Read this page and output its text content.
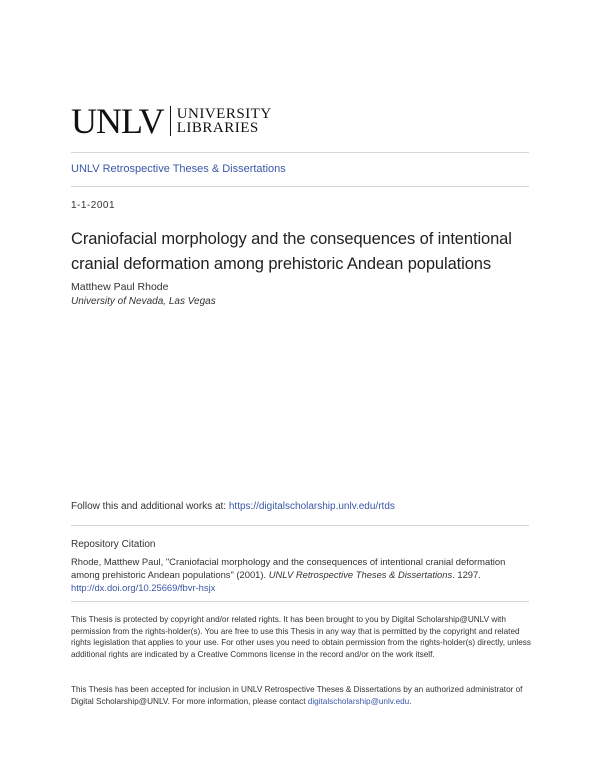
UNLV UNIVERSITY
LIBRARIES
UNLV Retrospective Theses & Dissertations
1-1-2001
Craniofacial morphology and the consequences of intentional cranial deformation among prehistoric Andean populations
Matthew Paul Rhode
University of Nevada, Las Vegas
Follow this and additional works at: https://digitalscholarship.unlv.edu/rtds
Repository Citation
Rhode, Matthew Paul, "Craniofacial morphology and the consequences of intentional cranial deformation among prehistoric Andean populations" (2001). UNLV Retrospective Theses & Dissertations. 1297.
http://dx.doi.org/10.25669/fbvr-hsjx
This Thesis is protected by copyright and/or related rights. It has been brought to you by Digital Scholarship@UNLV with permission from the rights-holder(s). You are free to use this Thesis in any way that is permitted by the copyright and related rights legislation that applies to your use. For other uses you need to obtain permission from the rights-holder(s) directly, unless additional rights are indicated by a Creative Commons license in the record and/or on the work itself.
This Thesis has been accepted for inclusion in UNLV Retrospective Theses & Dissertations by an authorized administrator of Digital Scholarship@UNLV. For more information, please contact digitalscholarship@unlv.edu.
